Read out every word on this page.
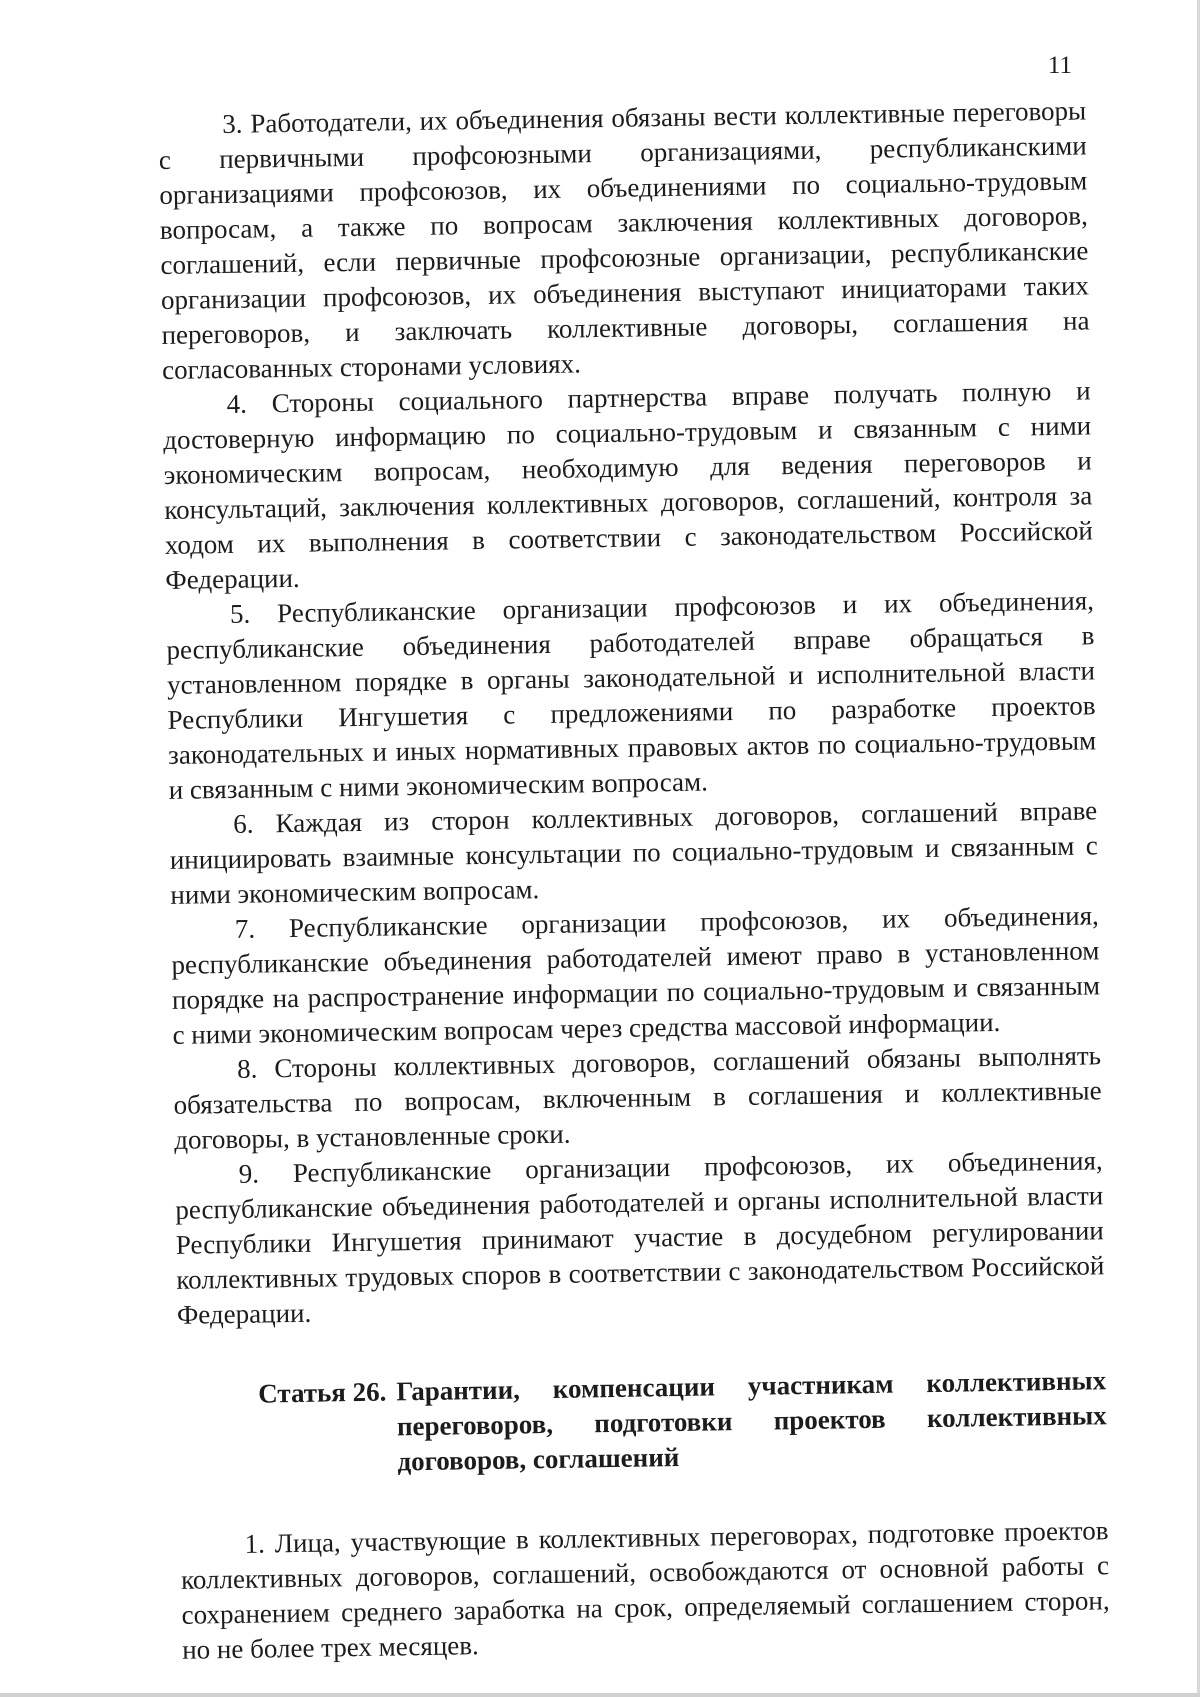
11

3. Работодатели, их объединения обязаны вести коллективные переговоры с первичными профсоюзными организациями, республиканскими организациями профсоюзов, их объединениями по социально-трудовым вопросам, а также по вопросам заключения коллективных договоров, соглашений, если первичные профсоюзные организации, республиканские организации профсоюзов, их объединения выступают инициаторами таких переговоров, и заключать коллективные договоры, соглашения на согласованных сторонами условиях.

4. Стороны социального партнерства вправе получать полную и достоверную информацию по социально-трудовым и связанным с ними экономическим вопросам, необходимую для ведения переговоров и консультаций, заключения коллективных договоров, соглашений, контроля за ходом их выполнения в соответствии с законодательством Российской Федерации.

5. Республиканские организации профсоюзов и их объединения, республиканские объединения работодателей вправе обращаться в установленном порядке в органы законодательной и исполнительной власти Республики Ингушетия с предложениями по разработке проектов законодательных и иных нормативных правовых актов по социально-трудовым и связанным с ними экономическим вопросам.

6. Каждая из сторон коллективных договоров, соглашений вправе инициировать взаимные консультации по социально-трудовым и связанным с ними экономическим вопросам.

7. Республиканские организации профсоюзов, их объединения, республиканские объединения работодателей имеют право в установленном порядке на распространение информации по социально-трудовым и связанным с ними экономическим вопросам через средства массовой информации.

8. Стороны коллективных договоров, соглашений обязаны выполнять обязательства по вопросам, включенным в соглашения и коллективные договоры, в установленные сроки.

9. Республиканские организации профсоюзов, их объединения, республиканские объединения работодателей и органы исполнительной власти Республики Ингушетия принимают участие в досудебном регулировании коллективных трудовых споров в соответствии с законодательством Российской Федерации.

Статья 26. Гарантии, компенсации участникам коллективных переговоров, подготовки проектов коллективных договоров, соглашений

1. Лица, участвующие в коллективных переговорах, подготовке проектов коллективных договоров, соглашений, освобождаются от основной работы с сохранением среднего заработка на срок, определяемый соглашением сторон, но не более трех месяцев.
